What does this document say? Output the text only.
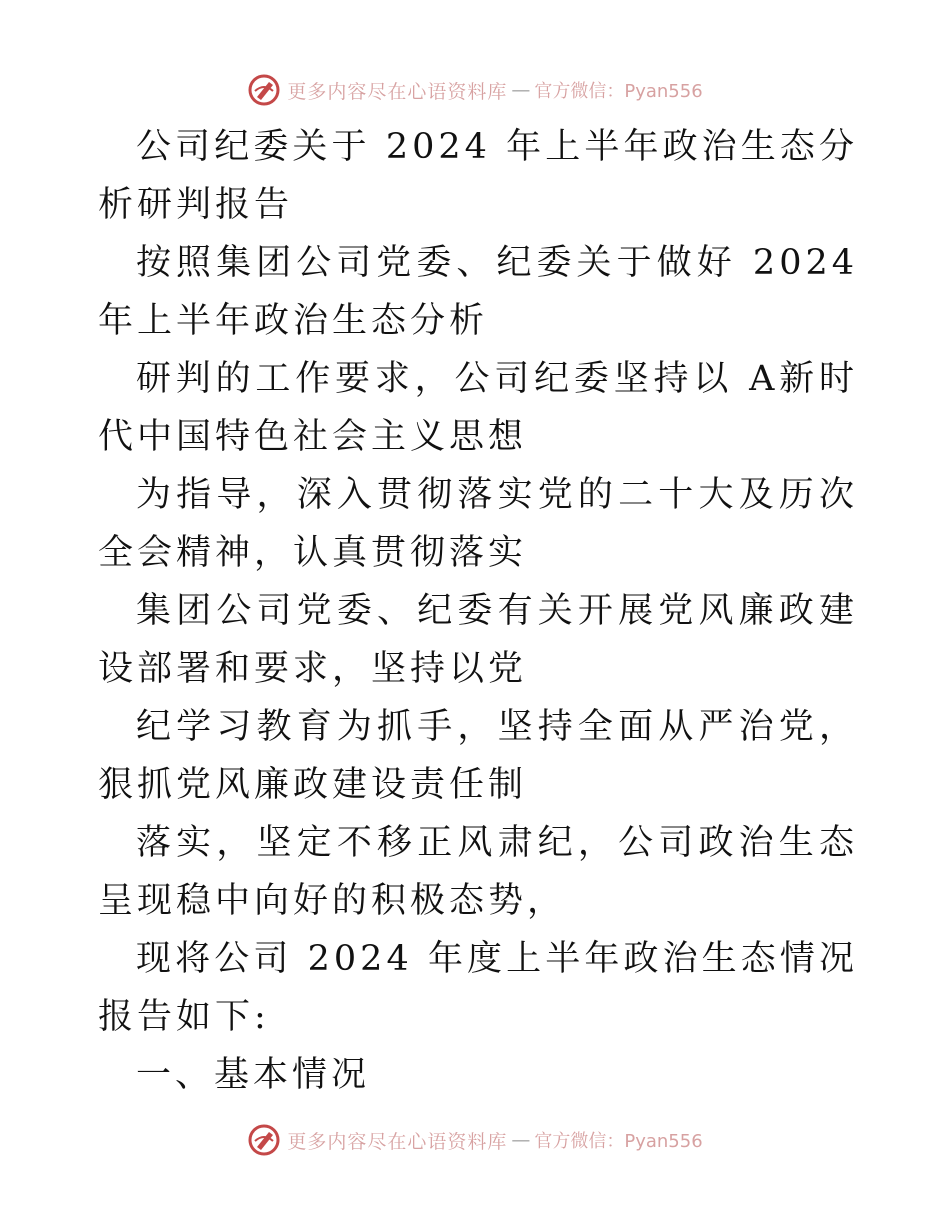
更多内容尽在心语资料库 — 官方微信：Pyan556

公司纪委关于 2024 年上半年政治生态分析研判报告

按照集团公司党委、纪委关于做好 2024 年上半年政治生态分析

研判的工作要求，公司纪委坚持以 A新时代中国特色社会主义思想

为指导，深入贯彻落实党的二十大及历次全会精神，认真贯彻落实

集团公司党委、纪委有关开展党风廉政建设部署和要求，坚持以党

纪学习教育为抓手，坚持全面从严治党，狠抓党风廉政建设责任制

落实，坚定不移正风肃纪，公司政治生态呈现稳中向好的积极态势，

现将公司 2024 年度上半年政治生态情况报告如下:

一、基本情况

更多内容尽在心语资料库 — 官方微信：Pyan556
